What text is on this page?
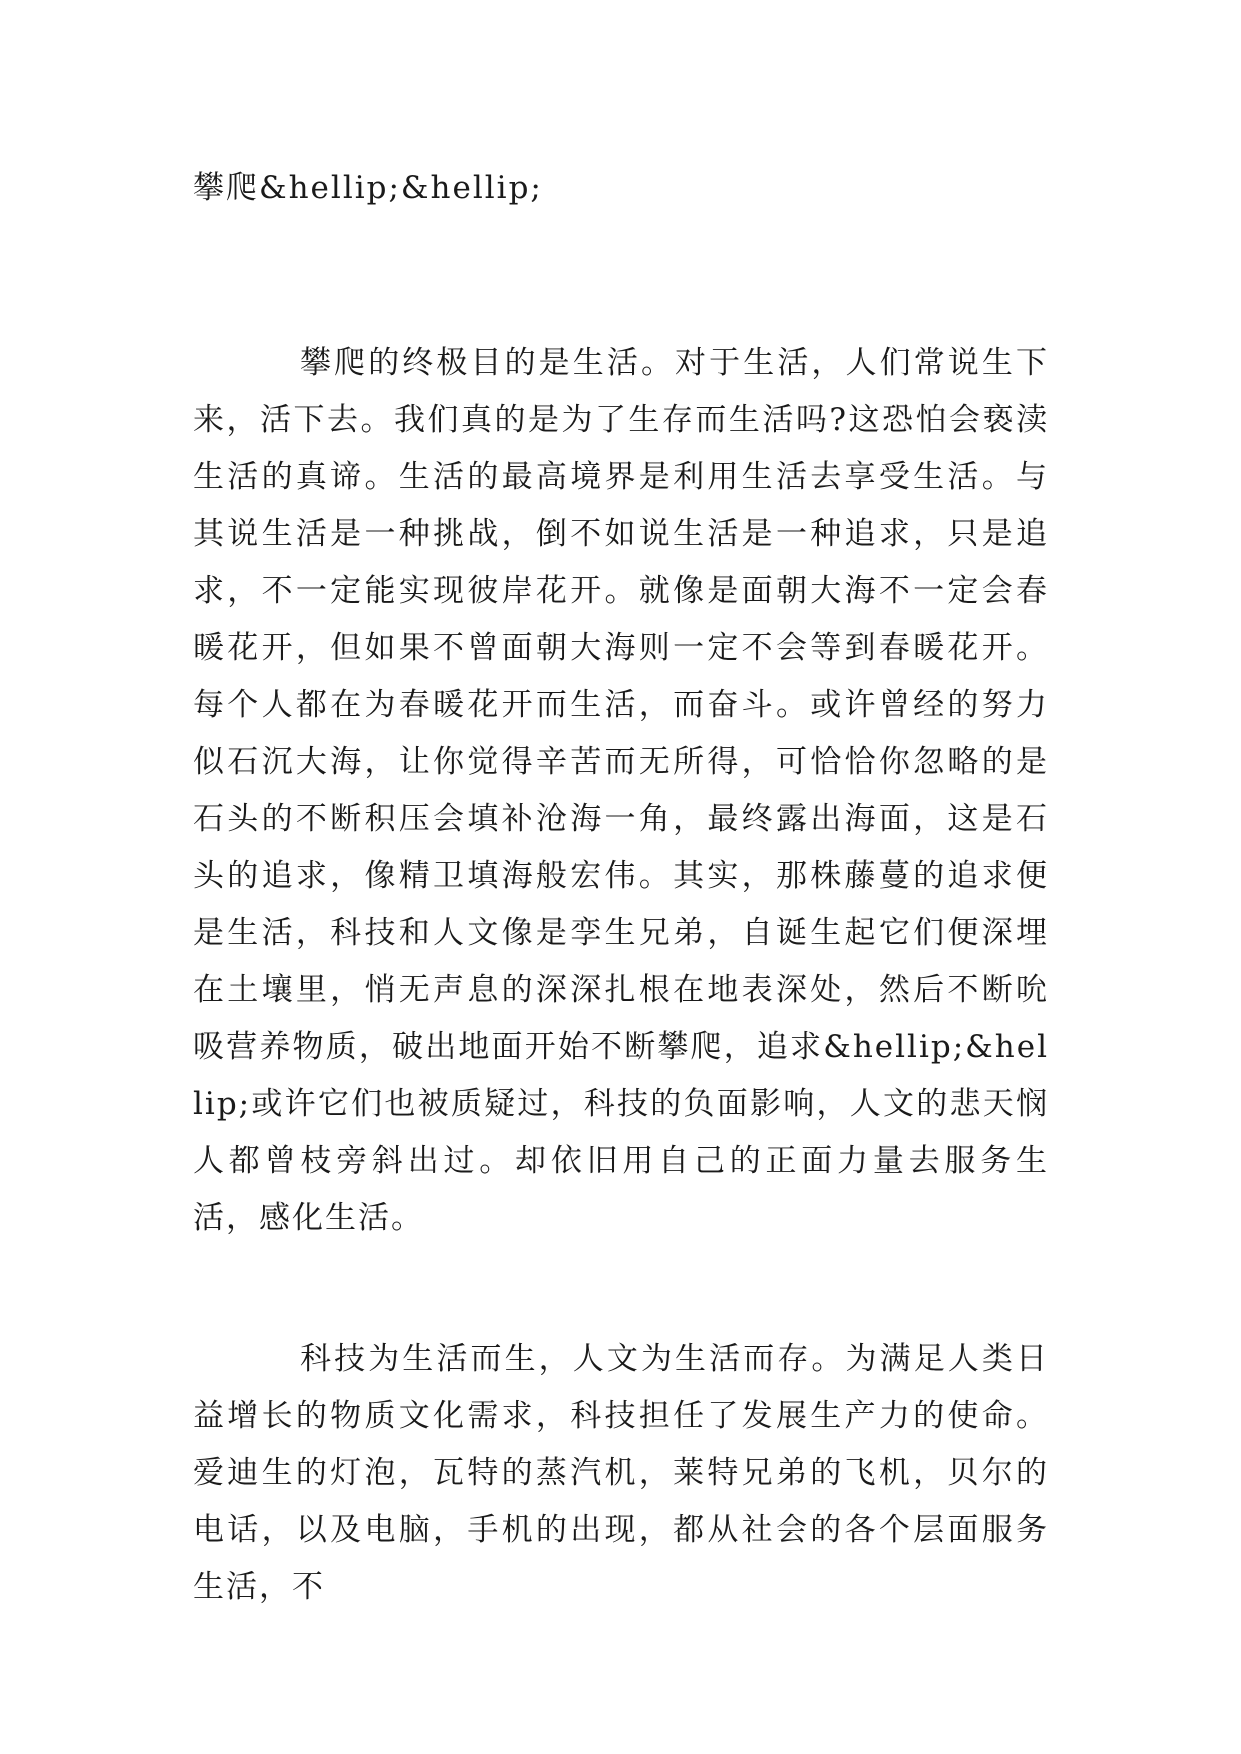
攀爬&hellip;&hellip;

攀爬的终极目的是生活。对于生活，人们常说生下来，活下去。我们真的是为了生存而生活吗?这恐怕会亵渎生活的真谛。生活的最高境界是利用生活去享受生活。与其说生活是一种挑战，倒不如说生活是一种追求，只是追求，不一定能实现彼岸花开。就像是面朝大海不一定会春暖花开，但如果不曾面朝大海则一定不会等到春暖花开。每个人都在为春暖花开而生活，而奋斗。或许曾经的努力似石沉大海，让你觉得辛苦而无所得，可恰恰你忽略的是石头的不断积压会填补沧海一角，最终露出海面，这是石头的追求，像精卫填海般宏伟。其实，那株藤蔓的追求便是生活，科技和人文像是孪生兄弟，自诞生起它们便深埋在土壤里，悄无声息的深深扎根在地表深处，然后不断吮吸营养物质，破出地面开始不断攀爬，追求&hellip;&hellip;或许它们也被质疑过，科技的负面影响，人文的悲天悯人都曾枝旁斜出过。却依旧用自己的正面力量去服务生活，感化生活。

科技为生活而生，人文为生活而存。为满足人类日益增长的物质文化需求，科技担任了发展生产力的使命。爱迪生的灯泡，瓦特的蒸汽机，莱特兄弟的飞机，贝尔的电话，以及电脑，手机的出现，都从社会的各个层面服务生活，不
